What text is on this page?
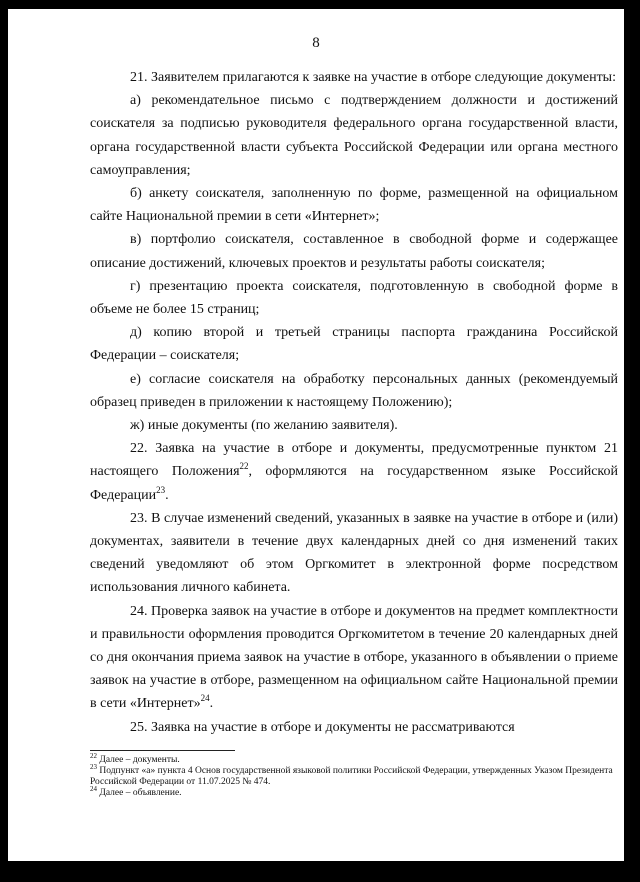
8

21. Заявителем прилагаются к заявке на участие в отборе следующие документы:

а) рекомендательное письмо с подтверждением должности и достижений соискателя за подписью руководителя федерального органа государственной власти, органа государственной власти субъекта Российской Федерации или органа местного самоуправления;

б) анкету соискателя, заполненную по форме, размещенной на официальном сайте Национальной премии в сети «Интернет»;

в) портфолио соискателя, составленное в свободной форме и содержащее описание достижений, ключевых проектов и результаты работы соискателя;

г) презентацию проекта соискателя, подготовленную в свободной форме в объеме не более 15 страниц;

д) копию второй и третьей страницы паспорта гражданина Российской Федерации – соискателя;

е) согласие соискателя на обработку персональных данных (рекомендуемый образец приведен в приложении к настоящему Положению);

ж) иные документы (по желанию заявителя).

22. Заявка на участие в отборе и документы, предусмотренные пунктом 21 настоящего Положения$^{22}$, оформляются на государственном языке Российской Федерации$^{23}$.

23. В случае изменений сведений, указанных в заявке на участие в отборе и (или) документах, заявители в течение двух календарных дней со дня изменений таких сведений уведомляют об этом Оргкомитет в электронной форме посредством использования личного кабинета.

24. Проверка заявок на участие в отборе и документов на предмет комплектности и правильности оформления проводится Оргкомитетом в течение 20 календарных дней со дня окончания приема заявок на участие в отборе, указанного в объявлении о приеме заявок на участие в отборе, размещенном на официальном сайте Национальной премии в сети «Интернет»$^{24}$.

25. Заявка на участие в отборе и документы не рассматриваются

$^{22}$ Далее – документы.

$^{23}$ Подпункт «а» пункта 4 Основ государственной языковой политики Российской Федерации, утвержденных Указом Президента Российской Федерации от 11.07.2025 № 474.

$^{24}$ Далее – объявление.
